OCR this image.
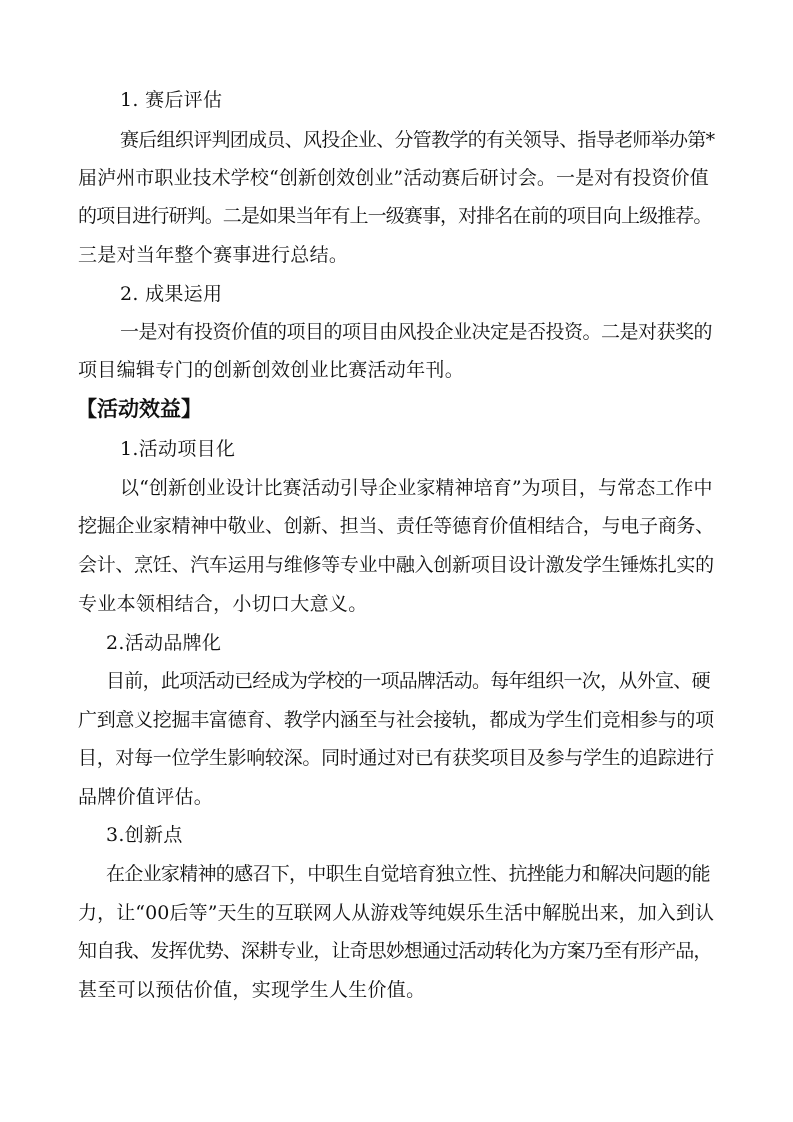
1. 赛后评估
赛后组织评判团成员、风投企业、分管教学的有关领导、指导老师举办第*
届泸州市职业技术学校“创新创效创业”活动赛后研讨会。一是对有投资价值
的项目进行研判。二是如果当年有上一级赛事，对排名在前的项目向上级推荐。
三是对当年整个赛事进行总结。
2. 成果运用
一是对有投资价值的项目的项目由风投企业决定是否投资。二是对获奖的
项目编辑专门的创新创效创业比赛活动年刊。
【活动效益】
1.活动项目化
以“创新创业设计比赛活动引导企业家精神培育”为项目，与常态工作中
挖掘企业家精神中敬业、创新、担当、责任等德育价值相结合，与电子商务、
会计、烹饪、汽车运用与维修等专业中融入创新项目设计激发学生锤炼扎实的
专业本领相结合，小切口大意义。
2.活动品牌化
目前，此项活动已经成为学校的一项品牌活动。每年组织一次，从外宣、硬
广到意义挖掘丰富德育、教学内涵至与社会接轨，都成为学生们竞相参与的项
目，对每一位学生影响较深。同时通过对已有获奖项目及参与学生的追踪进行
品牌价值评估。
3.创新点
在企业家精神的感召下，中职生自觉培育独立性、抗挫能力和解决问题的能
力，让“00后等”天生的互联网人从游戏等纯娱乐生活中解脱出来，加入到认
知自我、发挥优势、深耕专业，让奇思妙想通过活动转化为方案乃至有形产品，
甚至可以预估价值，实现学生人生价值。
